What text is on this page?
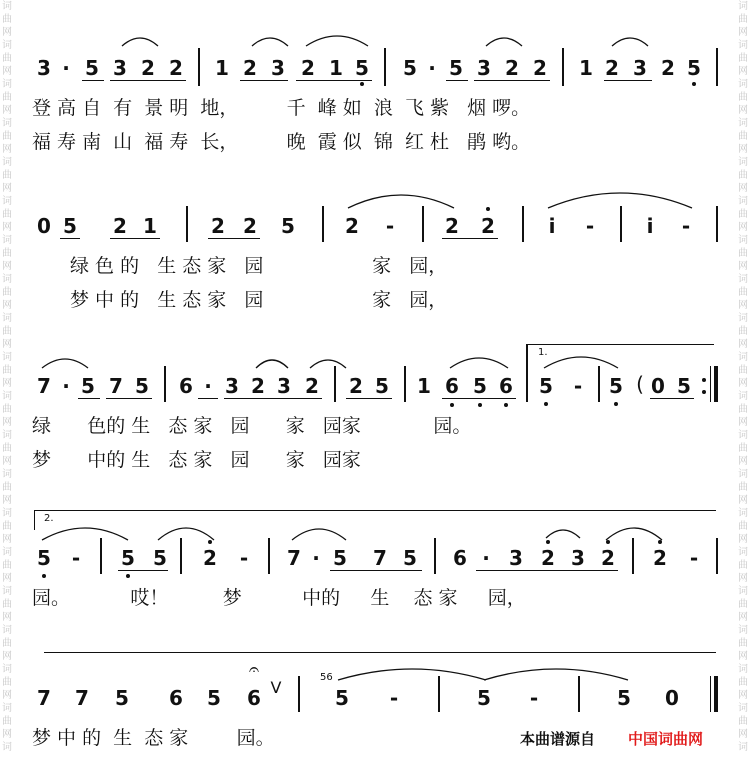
词
曲
网
词
曲
网
词
曲
网
词
曲
网
词
曲
网
词
曲
网
词
曲
网
词
曲
网
词
曲
网
词
曲
网
词
曲
网
词
曲
网
词
曲
网
词
曲
网
词
曲
网
词
曲
网
词
曲
网
词
曲
网
词
曲
网
词
词
曲
网
词
曲
网
词
曲
网
词
曲
网
词
曲
网
词
曲
网
词
曲
网
词
曲
网
词
曲
网
词
曲
网
词
曲
网
词
曲
网
词
曲
网
词
曲
网
词
曲
网
词
曲
网
词
曲
网
词
曲
网
词
曲
网
词
3 · 5 3 2 2 1 2 3 2 1 5 5 · 5 3 2 2 1 2 3 2 5
登 高 自  有  景 明  地，        千  峰 如  浪  飞 紫   烟 啰。
福 寿 南  山  福 寿  长，        晚  霞 似  锦  红 杜   鹃 哟。
0 5 2 1	2 2 5	2 -	2 2	i -	i -
绿 色 的   生 态 家   园                  家   园，
梦 中 的   生 态 家   园                  家   园，
7 · 5 7 5 6 · 3 2 3 2 2 5 1 6 5 6 5 - 5 ( 0 5
1.
绿      色的 生   态 家   园      家   园家            园。
梦      中的 生   态 家   园      家   园家
2.
5 - 5 5 2 - 7 · 5 7 5 6 · 3 2 3 2 2 -
园。          哎！         梦          中的     生    态 家     园，
7 7 5 6 5 6
𝄐
V
56
5 -	5 -	5 0
梦 中 的  生  态 家        园。	本曲谱源自 中国词曲网
